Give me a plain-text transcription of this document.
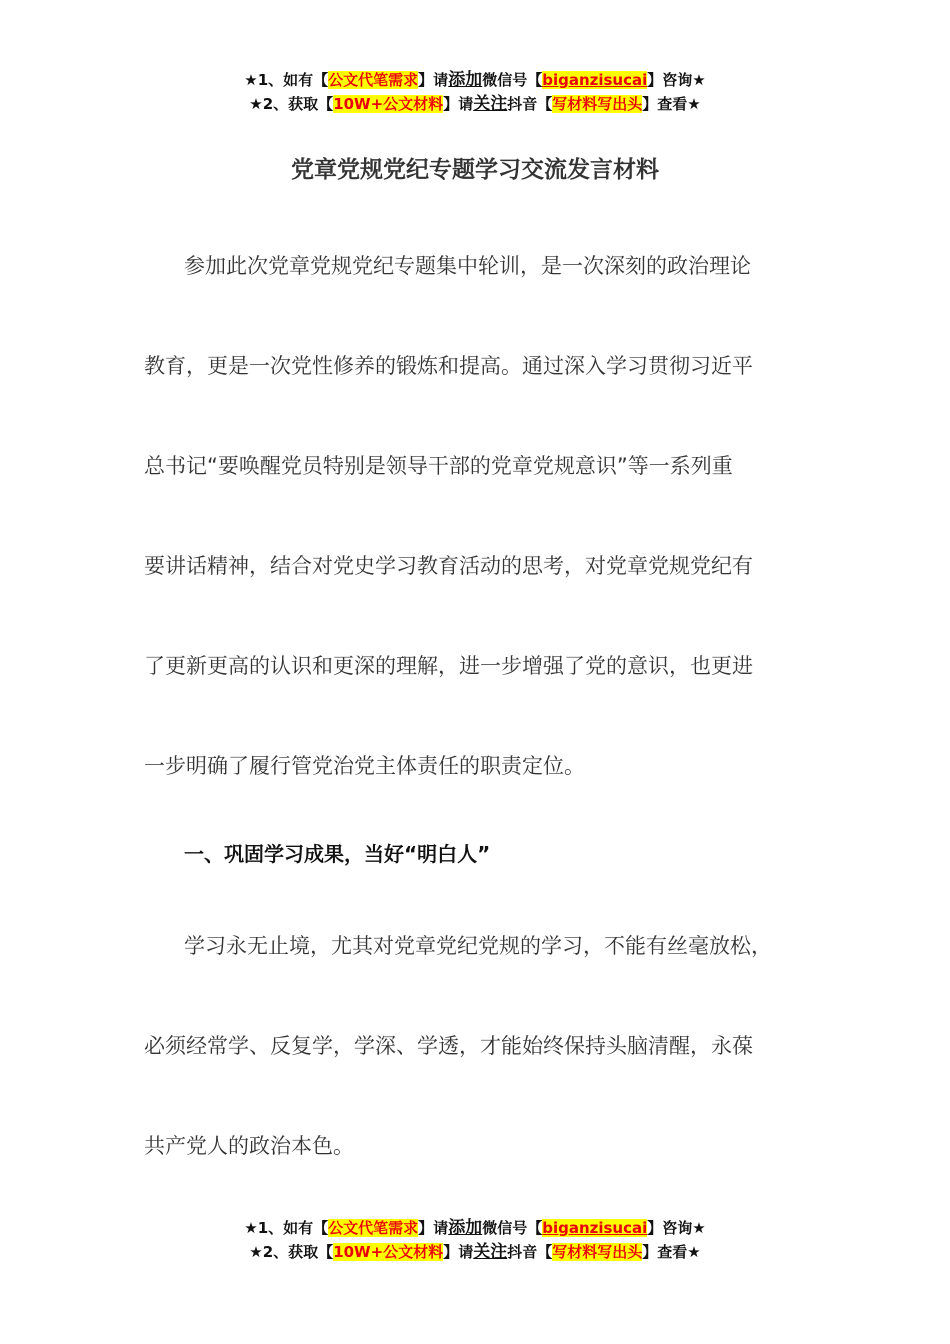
★1、如有【公文代笔需求】请添加微信号【biganzisucai】咨询★
★2、获取【10W+公文材料】请关注抖音【写材料写出头】查看★
党章党规党纪专题学习交流发言材料
参加此次党章党规党纪专题集中轮训，是一次深刻的政治理论
教育，更是一次党性修养的锻炼和提高。通过深入学习贯彻习近平
总书记“要唤醒党员特别是领导干部的党章党规意识”等一系列重
要讲话精神，结合对党史学习教育活动的思考，对党章党规党纪有
了更新更高的认识和更深的理解，进一步增强了党的意识，也更进
一步明确了履行管党治党主体责任的职责定位。
一、巩固学习成果，当好“明白人”
学习永无止境，尤其对党章党纪党规的学习，不能有丝毫放松，
必须经常学、反复学，学深、学透，才能始终保持头脑清醒，永葆
共产党人的政治本色。
★1、如有【公文代笔需求】请添加微信号【biganzisucai】咨询★
★2、获取【10W+公文材料】请关注抖音【写材料写出头】查看★
